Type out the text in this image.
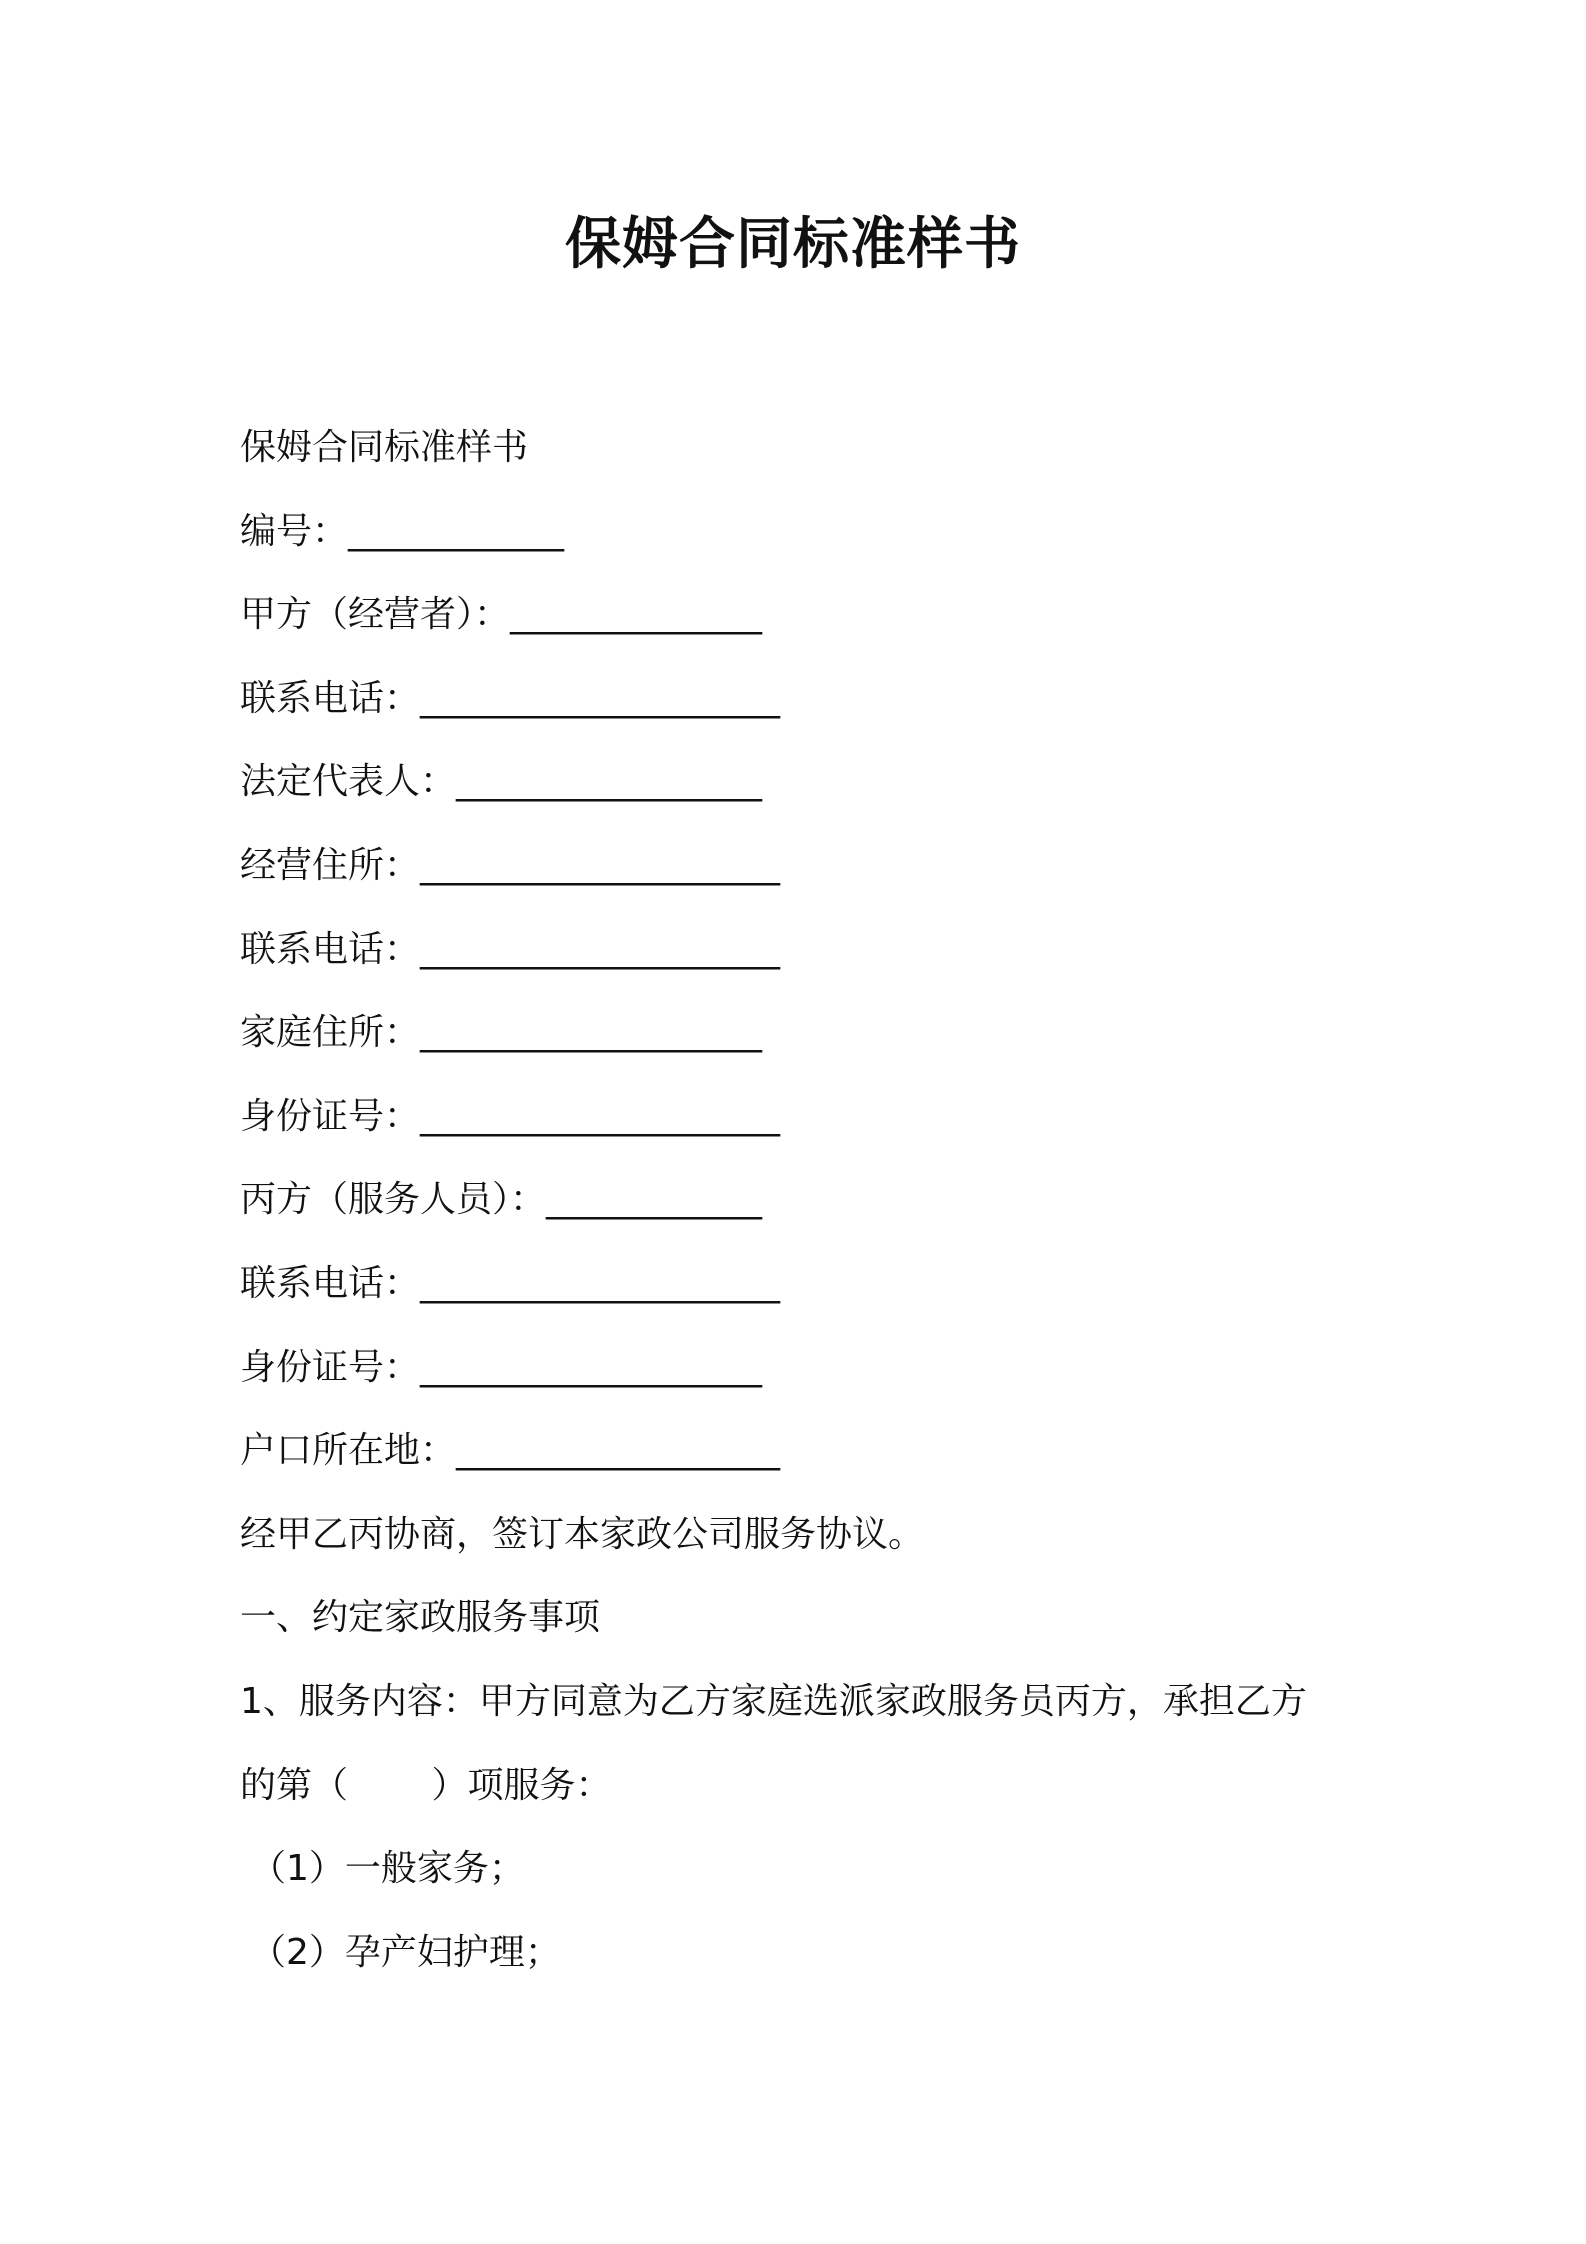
保姆合同标准样书
保姆合同标准样书
编号：____________
甲方（经营者）：______________
联系电话：____________________
法定代表人：_________________
经营住所：____________________
联系电话：____________________
家庭住所：___________________
身份证号：____________________
丙方（服务人员）：____________
联系电话：____________________
身份证号：___________________
户口所在地：__________________
经甲乙丙协商，签订本家政公司服务协议。
一、约定家政服务事项
1、服务内容：甲方同意为乙方家庭选派家政服务员丙方，承担乙方
的第（　　 ）项服务：
（1）一般家务；
（2）孕产妇护理；
